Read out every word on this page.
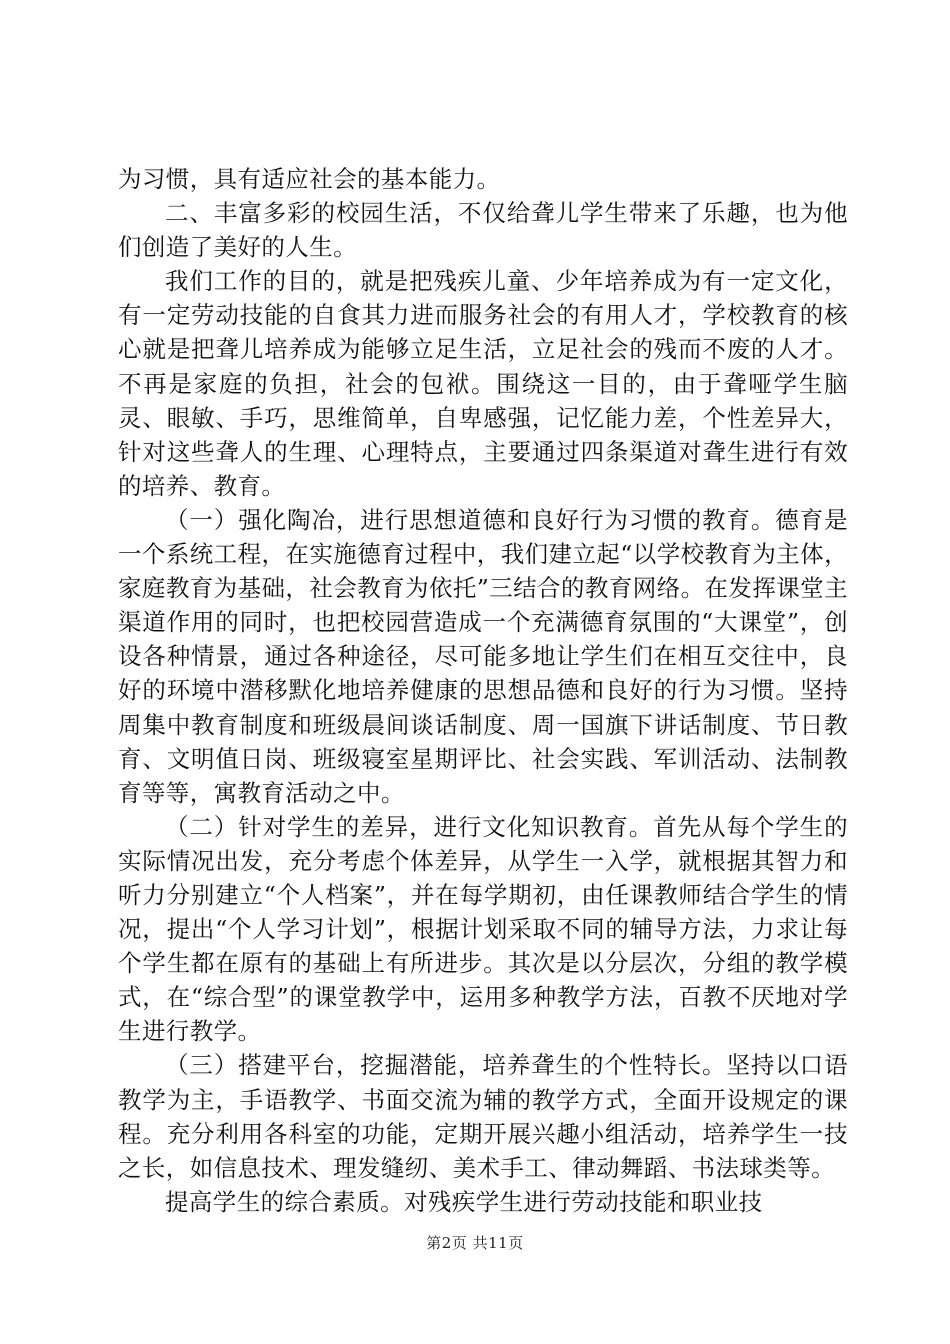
为习惯，具有适应社会的基本能力。

二、丰富多彩的校园生活，不仅给聋儿学生带来了乐趣，也为他们创造了美好的人生。

我们工作的目的，就是把残疾儿童、少年培养成为有一定文化，有一定劳动技能的自食其力进而服务社会的有用人才，学校教育的核心就是把聋儿培养成为能够立足生活，立足社会的残而不废的人才。不再是家庭的负担，社会的包袱。围绕这一目的，由于聋哑学生脑灵、眼敏、手巧，思维简单，自卑感强，记忆能力差，个性差异大，针对这些聋人的生理、心理特点，主要通过四条渠道对聋生进行有效的培养、教育。

（一）强化陶冶，进行思想道德和良好行为习惯的教育。德育是一个系统工程，在实施德育过程中，我们建立起“以学校教育为主体，家庭教育为基础，社会教育为依托”三结合的教育网络。在发挥课堂主渠道作用的同时，也把校园营造成一个充满德育氛围的“大课堂”，创设各种情景，通过各种途径，尽可能多地让学生们在相互交往中，良好的环境中潜移默化地培养健康的思想品德和良好的行为习惯。坚持周集中教育制度和班级晨间谈话制度、周一国旗下讲话制度、节日教育、文明值日岗、班级寝室星期评比、社会实践、军训活动、法制教育等等，寓教育活动之中。

（二）针对学生的差异，进行文化知识教育。首先从每个学生的实际情况出发，充分考虑个体差异，从学生一入学，就根据其智力和听力分别建立“个人档案”，并在每学期初，由任课教师结合学生的情况，提出“个人学习计划”，根据计划采取不同的辅导方法，力求让每个学生都在原有的基础上有所进步。其次是以分层次，分组的教学模式，在“综合型”的课堂教学中，运用多种教学方法，百教不厌地对学生进行教学。

（三）搭建平台，挖掘潜能，培养聋生的个性特长。坚持以口语教学为主，手语教学、书面交流为辅的教学方式，全面开设规定的课程。充分利用各科室的功能，定期开展兴趣小组活动，培养学生一技之长，如信息技术、理发缝纫、美术手工、律动舞蹈、书法球类等。

提高学生的综合素质。对残疾学生进行劳动技能和职业技

第2页 共11页
